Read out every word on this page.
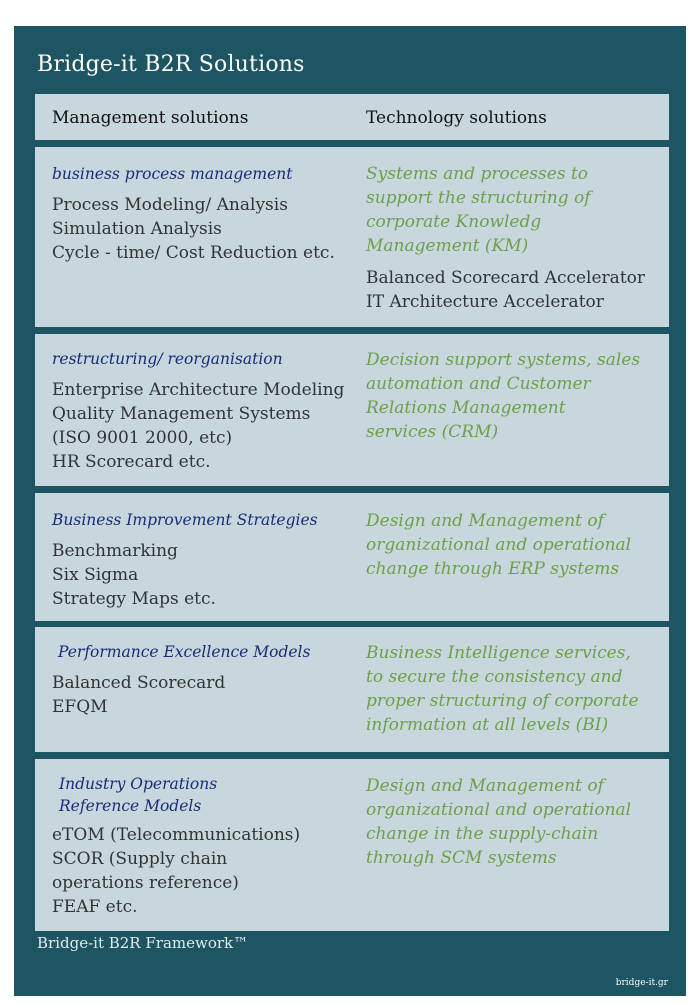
Bridge-it B2R Solutions
Management solutions	Technology solutions
business process management
Process Modeling/ Analysis
Simulation Analysis
Cycle - time/ Cost Reduction etc.
Systems and processes to
support the structuring of
corporate Knowledg
Management (KM)
Balanced Scorecard Accelerator
IT Architecture Accelerator
restructuring/ reorganisation
Enterprise Architecture Modeling
Quality Management Systems
(ISO 9001 2000, etc)
HR Scorecard etc.
Decision support systems, sales
automation and Customer
Relations Management
services (CRM)
Business Improvement Strategies
Benchmarking
Six Sigma
Strategy Maps etc.
Design and Management of
organizational and operational
change through ERP systems
Performance Excellence Models
Balanced Scorecard
EFQM
Business Intelligence services,
to secure the consistency and
proper structuring of corporate
information at all levels (BI)
Industry Operations
Reference Models
eTOM (Telecommunications)
SCOR (Supply chain
operations reference)
FEAF etc.
Design and Management of
organizational and operational
change in the supply-chain
through SCM systems
Bridge-it B2R Framework™
bridge-it.gr
